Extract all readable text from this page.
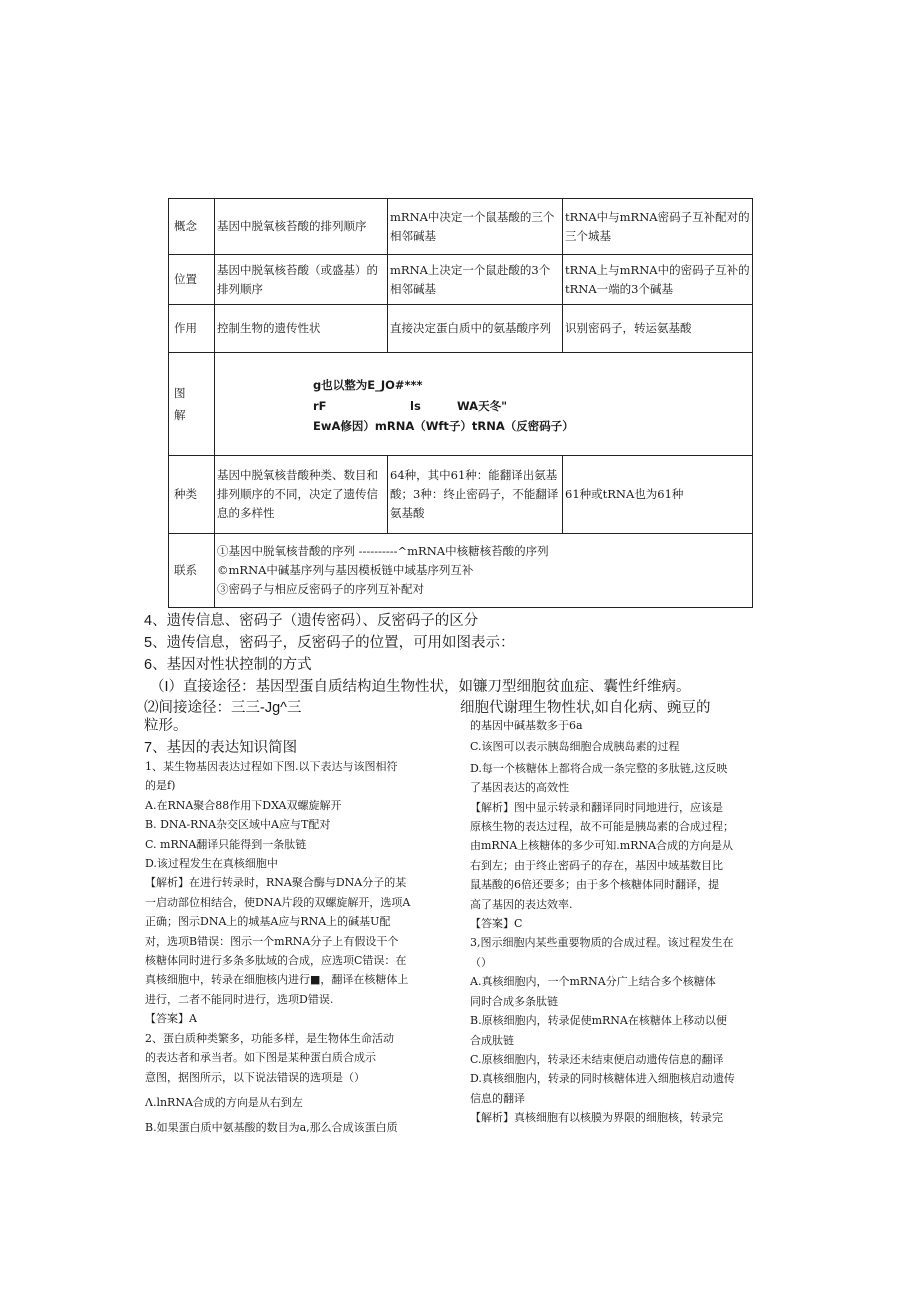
概念	基因中脱氧核苔酸的排列顺序	mRNA中决定一个鼠基酸的三个相邻碱基	tRNA中与mRNA密码子互补配对的三个城基
位置	基因中脱氧核苔酸（或盛基）的排列顺序	mRNA上决定一个鼠赴酸的3个相邻碱基	tRNA上与mRNA中的密码子互补的tRNA一端的3个碱基
作用	控制生物的遗传性状	直接决定蛋白质中的氨基酸序列	识别密码子，转运氨基酸
图解	g也以整为E_JO#***
rF ls WA天冬"
EwA修因）mRNA（Wft子）tRNA（反密码子）		

种类	基因中脱氧核昔酸种类、数目和排列顺序的不同，决定了遗传信息的多样性	64种，其中61种：能翻译出氨基酸；3种：终止密码子，不能翻译氨基酸	61种或tRNA也为61种
联系	①基因中脱氧核昔酸的序列 ----------^mRNA中核糖核苔酸的序列
©mRNA中碱基序列与基因模板链中域基序列互补
③密码子与相应反密码子的序列互补配对		
4、遗传信息、密码子（遗传密码）、反密码子的区分
5、遗传信息，密码子，反密码子的位置，可用如图表示：
6、基因对性状控制的方式
（I）直接途径：基因型蛋自质结构迫生物性状，如镰刀型细胞贫血症、囊性纤维病。
⑵间接途径：三三-Jg^三	细胞代谢理生物性状,如自化病、豌豆的
粒形。
7、基因的表达知识简图

1、某生物基因表达过程如下图.以下表达与该图相符

的是f)

A.在RNA聚合88作用下DXA双螺旋解开

B. DNA-RNA杂交区域中A应与T配对

C. mRNA翻译只能得到一条肽链

D.该过程发生在真核细胞中

【解析】在进行转录时，RNA聚合酶与DNA分子的某

一启动部位相结合，使DNA片段的双螺旋解开，选项A

正确；图示DNA上的城基A应与RNA上的碱基U配

对，选项B错误：图示一个mRNA分子上有假设干个

核糖体同时进行多条多肽域的合成，应选项C错误：在

真核细胞中，转录在细胞核内进行■，翻译在核糖体上

进行，二者不能同时进行，选项D错误.

【答案】A

2、蛋白质种类繁多，功能多样，是生物体生命活动

的表达者和承当者。如下图是某种蛋白质合成示

意图，据图所示，以下说法错误的选项是（）

Λ.lnRNA合成的方向是从右到左

B.如果蛋白质中氨基酸的数目为a,那么合成该蛋白质

的基因中碱基数多于6a

C.该图可以表示胰岛细胞合成胰岛素的过程

D.每一个核糖体上都将合成一条完整的多肽链,这反映

了基因表达的高效性

【解析】图中显示转录和翻译同时同地进行，应该是

原核生物的表达过程，故不可能是胰岛素的合成过程；

由mRNA上核糖体的多少可知.mRNA合成的方向是从

右到左；由于终止密码子的存在，基因中域基数目比

鼠基酸的6倍还要多；由于多个核糖体同时翻译，提

高了基因的表达效率.

【答案】C

3,图示细胞内某些重要物质的合成过程。该过程发生在

（）

A.真核细胞内，一个mRNA分广上结合多个核糖体

同时合成多条肽链

B.原核细胞内，转录促使mRNA在核糖体上移动以便

合成肽链

C.原核细胞内，转录还未结束便启动遗传信息的翻译

D.真核细胞内，转录的同时核糖体进入细胞核启动遗传

信息的翻译

【解析】真核细胞有以核膜为界限的细胞核，转录完
